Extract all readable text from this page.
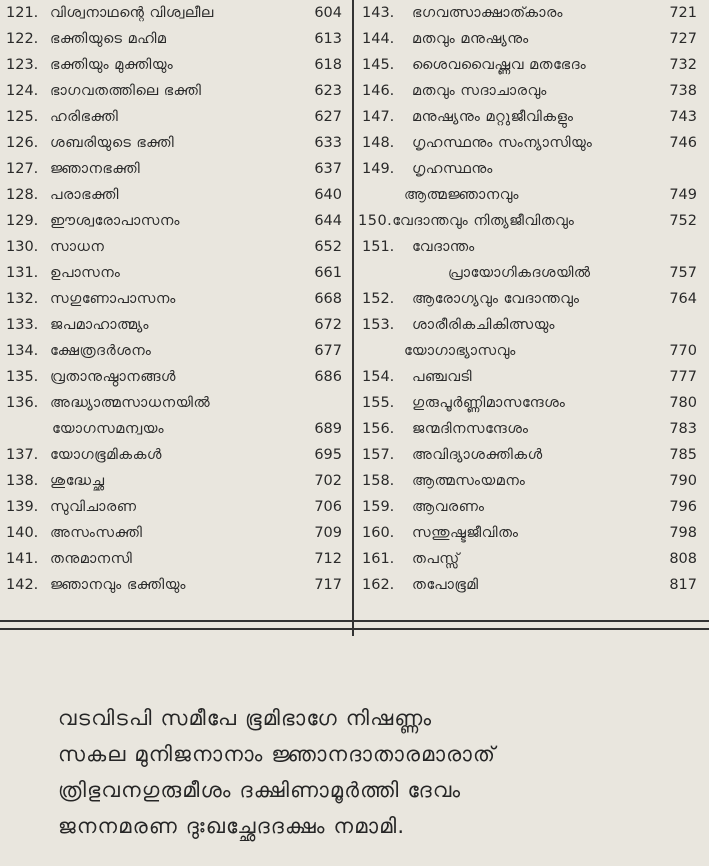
121. വിശ്വനാഥന്റെ വിശ്വലീല	604
122. ഭക്തിയുടെ മഹിമ	613
123. ഭക്തിയും മുക്തിയും	618
124. ഭാഗവതത്തിലെ ഭക്തി	623
125. ഹരിഭക്തി	627
126. ശബരിയുടെ ഭക്തി	633
127. ജ്ഞാനഭക്തി	637
128. പരാഭക്തി	640
129. ഈശ്വരോപാസനം	644
130. സാധന	652
131. ഉപാസനം	661
132. സഗുണോപാസനം	668
133. ജപമാഹാത്മ്യം	672
134. ക്ഷേത്രദർശനം	677
135. വ്രതാനുഷ്ഠാനങ്ങൾ	686
136. അദ്ധ്യാത്മസാധനയിൽ
യോഗസമന്വയം	689
137. യോഗഭൂമികകൾ	695
138. ശുദ്ധേച്ഛ	702
139. സുവിചാരണ	706
140. അസംസക്തി	709
141. തനുമാനസി	712
142. ജ്ഞാനവും ഭക്തിയും	717
143. ഭഗവത്സാക്ഷാത്കാരം	721
144. മതവും മനുഷ്യനും	727
145. ശൈവവൈഷ്ണവ മതഭേദം	732
146. മതവും സദാചാരവും	738
147. മനുഷ്യനും മറ്റുജീവികളും	743
148. ഗൃഹസ്ഥനും സംന്യാസിയും	746
149. ഗൃഹസ്ഥനും
ആത്മജ്ഞാനവും	749
150.വേദാന്തവും നിത്യജീവിതവും	752
151. വേദാന്തം
പ്രായോഗികദശയിൽ	757
152. ആരോഗ്യവും വേദാന്തവും	764
153. ശാരീരികചികിത്സയും
യോഗാഭ്യാസവും	770
154. പഞ്ചവടി	777
155. ഗുരുപൂർണ്ണിമാസന്ദേശം	780
156. ജന്മദിനസന്ദേശം	783
157. അവിദ്യാശക്തികൾ	785
158. ആത്മസംയമനം	790
159. ആവരണം	796
160. സന്തുഷ്ടജീവിതം	798
161. തപസ്സ്	808
162. തപോഭൂമി	817
വടവിടപി സമീപേ ഭൂമിഭാഗേ നിഷണ്ണം
സകല മുനിജനാനാം ജ്ഞാനദാതാരമാരാത്
ത്രിഭുവനഗുരുമീശം ദക്ഷിണാമൂർത്തി ദേവം
ജനനമരണ ദുഃഖച്ഛേദദക്ഷം നമാമി.
